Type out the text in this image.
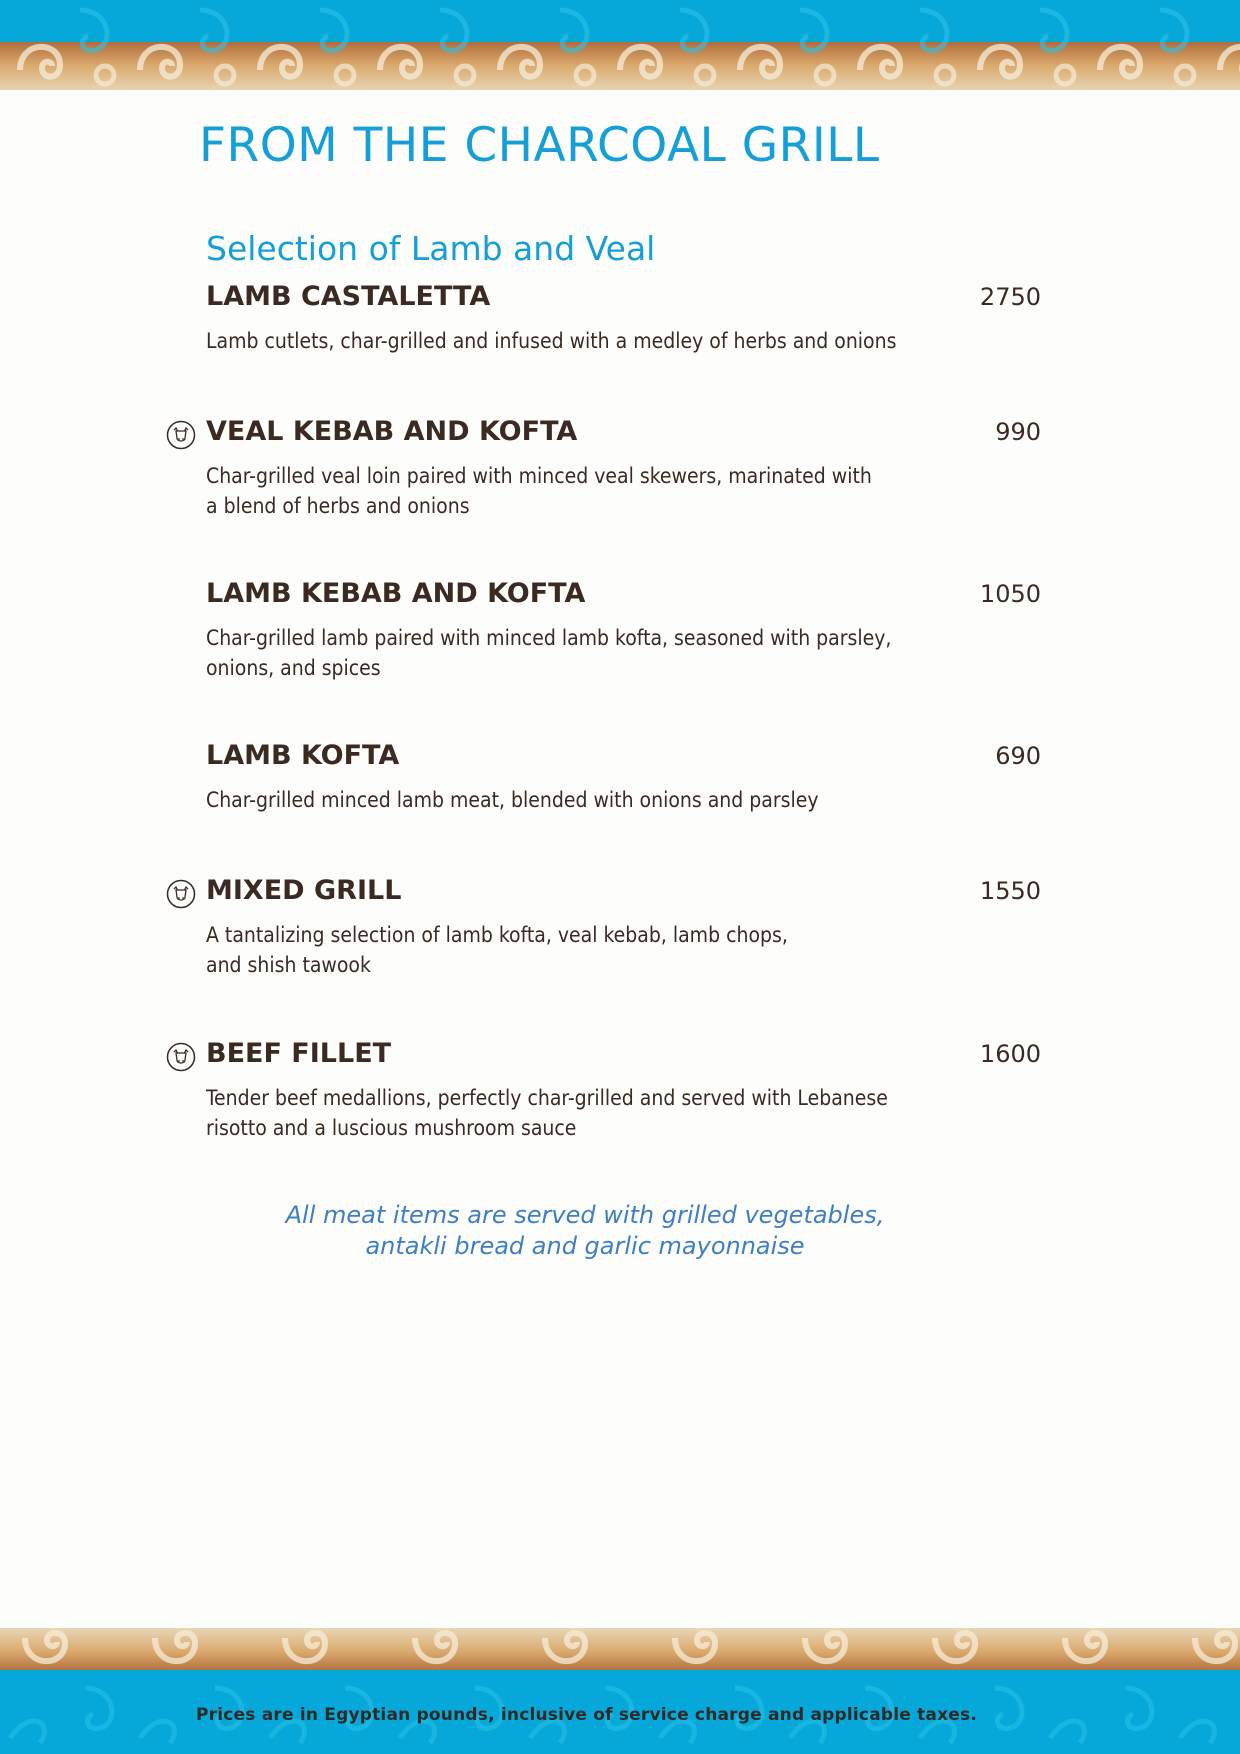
FROM THE CHARCOAL GRILL
Selection of Lamb and Veal
LAMB CASTALETTA	2750
Lamb cutlets, char-grilled and infused with a medley of herbs and onions
VEAL KEBAB AND KOFTA	990
Char-grilled veal loin paired with minced veal skewers, marinated with
a blend of herbs and onions
LAMB KEBAB AND KOFTA	1050
Char-grilled lamb paired with minced lamb kofta, seasoned with parsley,
onions, and spices
LAMB KOFTA	690
Char-grilled minced lamb meat, blended with onions and parsley
MIXED GRILL	1550
A tantalizing selection of lamb kofta, veal kebab, lamb chops,
and shish tawook
BEEF FILLET	1600
Tender beef medallions, perfectly char-grilled and served with Lebanese
risotto and a luscious mushroom sauce
All meat items are served with grilled vegetables,
antakli bread and garlic mayonnaise

Prices are in Egyptian pounds, inclusive of service charge and applicable taxes.
